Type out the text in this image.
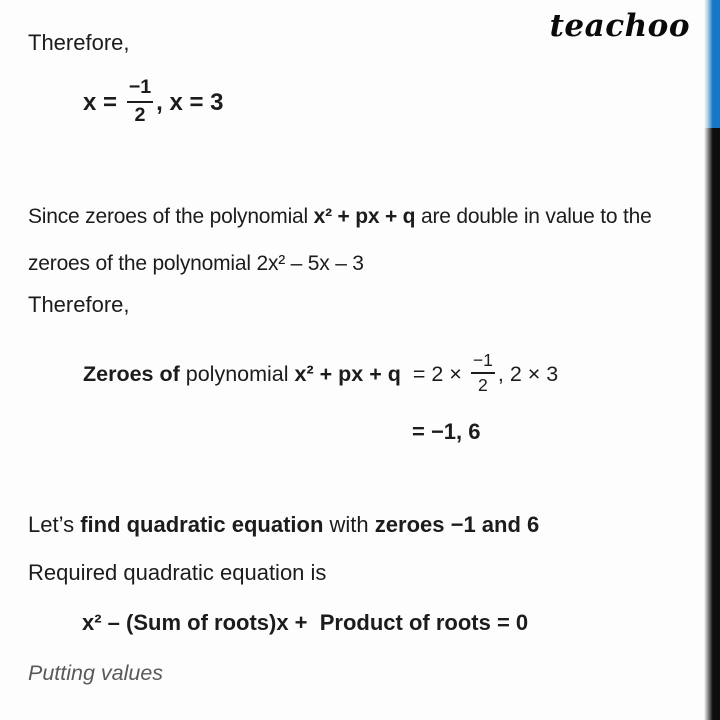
teachoo
Therefore,
$x = \frac{-1}{2}$ , x = 3
Since zeroes of the polynomial x² + px + q are double in value to the
zeroes of the polynomial 2x² – 5x – 3
Therefore,
Zeroes of polynomial x² + px + $q = 2 \times \frac{-1}{2}$ , 2 × 3
= −1, 6
Let’s find quadratic equation with zeroes −1 and 6
Required quadratic equation is
x² – (Sum of roots)x +  Product of roots = 0
Putting values
